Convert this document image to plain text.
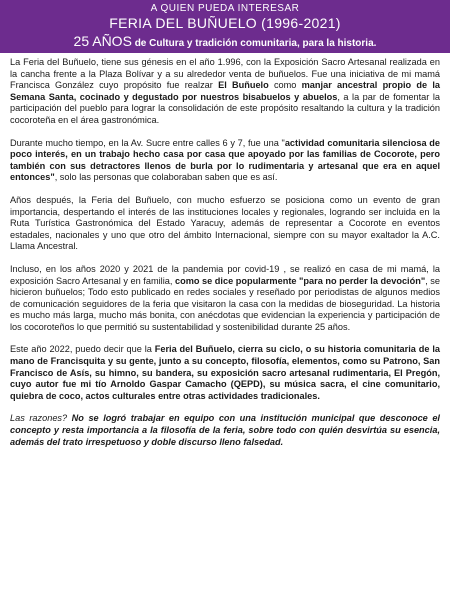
A QUIEN PUEDA INTERESAR
FERIA DEL BUÑUELO (1996-2021)
25 AÑOS de Cultura y tradición comunitaria, para la historia.

La Feria del Buñuelo, tiene sus génesis en el año 1.996, con la Exposición Sacro Artesanal realizada en la cancha frente a la Plaza Bolívar y a su alrededor venta de buñuelos. Fue una iniciativa de mi mamá Francisca González cuyo propósito fue realzar El Buñuelo como manjar ancestral propio de la Semana Santa, cocinado y degustado por nuestros bisabuelos y abuelos, a la par de fomentar la participación del pueblo para lograr la consolidación de este propósito resaltando la cultura y la tradición cocoroteña en el área gastronómica.

Durante mucho tiempo, en la Av. Sucre entre calles 6 y 7, fue una "actividad comunitaria silenciosa de poco interés, en un trabajo hecho casa por casa que apoyado por las familias de Cocorote, pero también con sus detractores llenos de burla por lo rudimentaria y artesanal que era en aquel entonces", solo las personas que colaboraban saben que es así.

Años después, la Feria del Buñuelo, con mucho esfuerzo se posiciona como un evento de gran importancia, despertando el interés de las instituciones locales y regionales, logrando ser incluida en la Ruta Turística Gastronómica del Estado Yaracuy, además de representar a Cocorote en eventos estadales, nacionales y uno que otro del ámbito Internacional, siempre con su mayor exaltador la A.C. Llama Ancestral.

Incluso, en los años 2020 y 2021 de la pandemia por covid-19 , se realizó en casa de mi mamá, la exposición Sacro Artesanal y en familia, como se dice popularmente "para no perder la devoción", se hicieron buñuelos; Todo esto publicado en redes sociales y reseñado por periodistas de algunos medios de comunicación seguidores de la feria que visitaron la casa con la medidas de bioseguridad. La historia es mucho más larga, mucho más bonita, con anécdotas que evidencian la experiencia y participación de los cocoroteños lo que permitió su sustentabilidad y sostenibilidad durante 25 años.

Este año 2022, puedo decir que la Feria del Buñuelo, cierra su ciclo, o su historia comunitaria de la mano de Francisquita y su gente, junto a su concepto, filosofía, elementos, como su Patrono, San Francisco de Asís, su himno, su bandera, su exposición sacro artesanal rudimentaria, El Pregón, cuyo autor fue mi tío Arnoldo Gaspar Camacho (QEPD), su música sacra, el cine comunitario, quiebra de coco, actos culturales entre otras actividades tradicionales.

Las razones? No se logró trabajar en equipo con una institución municipal que desconoce el concepto y resta importancia a la filosofía de la feria, sobre todo con quién desvirtúa su esencia, además del trato irrespetuoso y doble discurso lleno falsedad.
